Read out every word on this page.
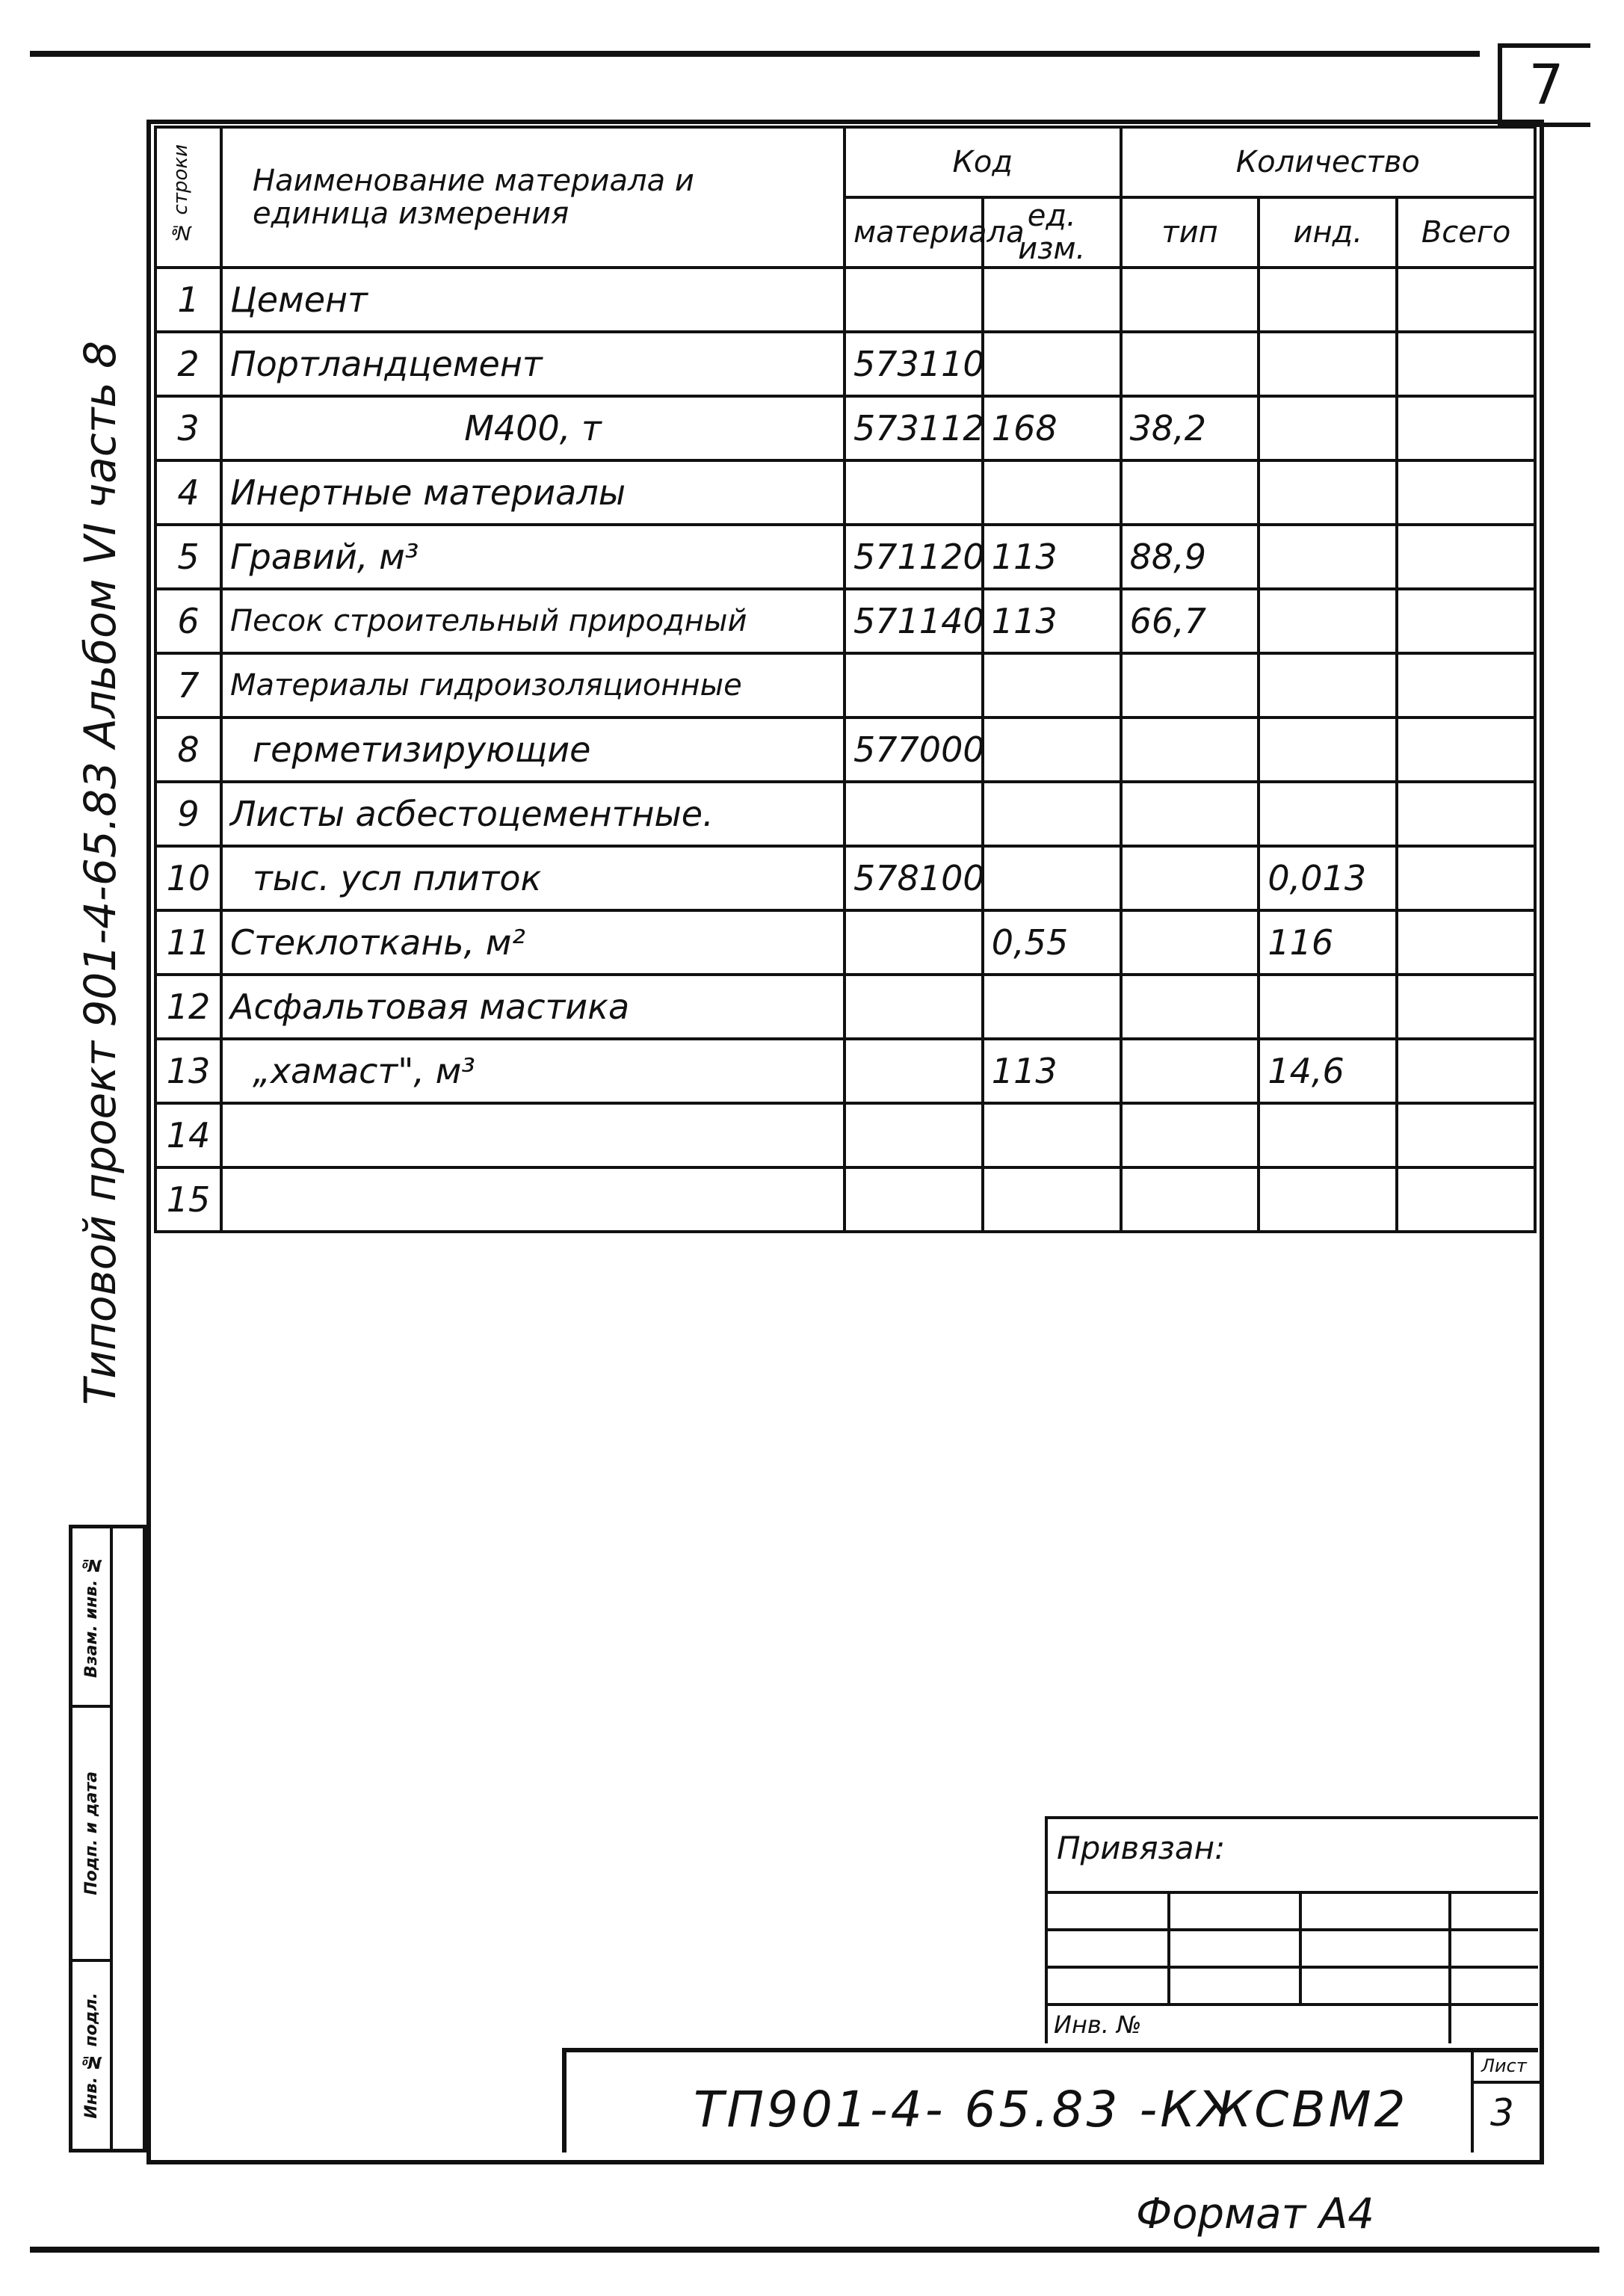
7
Типовой проект 901-4-65.83 Альбом VI часть 8
№ строки	Наименование материала и единица измерения	Код		Количество		
		материала	ед. изм.	тип	инд.	Всего
1	Цемент					
2	Портландцемент	573110				
3	М400, т	573112	168	38,2		
4	Инертные материалы					
5	Гравий, м³	571120	113	88,9		
6	Песок строительный природный	571140	113	66,7		
7	Материалы гидроизоляционные					
8	герметизирующие	577000				
9	Листы асбестоцементные.					
10	тыс. усл плиток	578100			0,013	
11	Стеклоткань, м²		0,55		116	
12	Асфальтовая мастика					
13	„хамаст", м³		113		14,6	
14						
15						
Взам. инв. №
Подп. и дата
Инв. № подл.
Привязан:
Инв. №
ТП901-4- 65.83 -КЖСВМ2
Лист
3
Формат А4
